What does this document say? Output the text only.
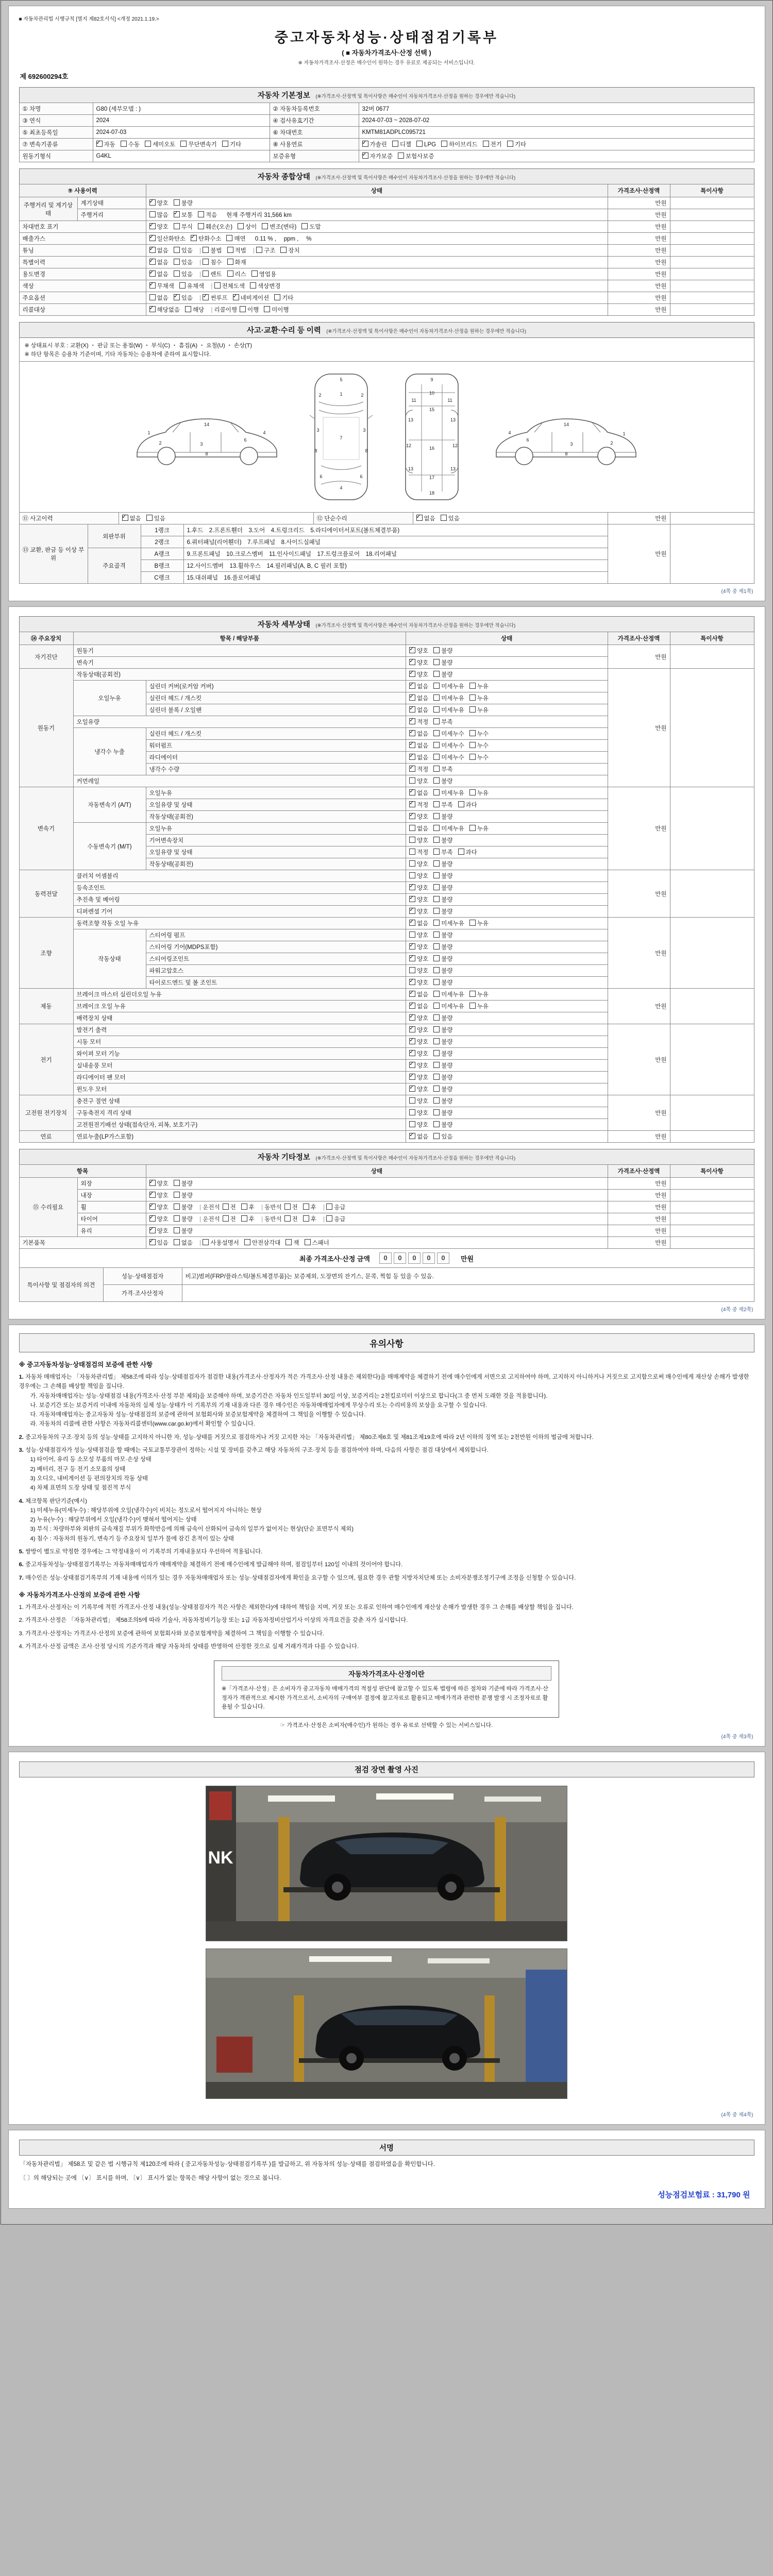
■ 자동차관리법 시행규칙 [별지 제82호서식] <개정 2021.1.19.>
중고자동차성능·상태점검기록부
( ■ 자동차가격조사·산정 선택 )
※ 자동차가격조사·산정은 매수인이 원하는 경우 유료로 제공되는 서비스입니다.
제 692600294호
자동차 기본정보 (※가격조사·산정액 및 특이사항은 매수인이 자동차가격조사·산정을 원하는 경우에만 적습니다)
① 차명	G80 (세부모델 : )	② 자동차등록번호	32버 0677
③ 연식	2024	④ 검사유효기간	2024-07-03 ~ 2028-07-02
⑤ 최초등록일	2024-07-03	⑥ 차대번호	KMTM81ADPLC095721
⑦ 변속기종류	✓자동 수동 세미오토 무단변속기 기타	⑧ 사용연료	✓가솔린 디젤 LPG 하이브리드 전기 기타
원동기형식	G4KL	보증유형	✓자가보증 보험사보증
자동차 종합상태 (※가격조사·산정액 및 특이사항은 매수인이 자동차가격조사·산정을 원하는 경우에만 적습니다)
⑨ 사용이력		상태	가격조사·산정액	특이사항
주행거리 및 계기상태	계기상태	✓양호 불량	만원	
	주행거리	많음 ✓ 보통 적음 현재 주행거리 31,566 km	만원	
차대번호 표기	✓양호 부식 훼손(오손) 상이 변조(변타) 도말	만원	
배출가스	✓일산화탄소 ✓ 탄화수소 매연 0.11 % ,　 ppm ,　 %	만원	
튜닝	✓없음 있음 | 불법 적법 | 구조 장치	만원	
특별이력	✓없음 있음 | 침수 화재	만원	
용도변경	✓없음 있음 | 렌트 리스 영업용	만원	
색상	✓무채색 유채색 | 전체도색 색상변경	만원	
주요옵션		없음 ✓ 있음 | ✓썬루프 ✓ 네비게이션 기타	만원	
리콜대상	✓해당없음 해당 | 리콜이행 이행 미이행	만원	
사고·교환·수리 등 이력 (※가격조사·산정액 및 특이사항은 매수인이 자동차가격조사·산정을 원하는 경우에만 적습니다)
※ 상태표시 부호 : 교환(X) ・ 판금 또는 용접(W) ・ 부식(C) ・ 흠집(A) ・ 요철(U) ・ 손상(T)
※ 하단 항목은 승용차 기준이며, 기타 자동차는 승용차에 준하여 표시합니다.
1
2	3
14
6
4
8
5
1
2	2
3	3
7
8	8
6	6
4
9
10
11	11
15
13	13
12	12
16
13	13
17
18
4
6
3
14
2
1
8
⑪ 사고이력	✓없음 있음	⑫ 단순수리	✓없음 있음	만원	
⑬ 교환, 판금 등 이상 부위	외판부위	1랭크	1.후드　2.프론트휀더　3.도어　4.트렁크리드　5.라디에이터서포트(볼트체결부품)	만원	
		2랭크	6.쿼터패널(리어휀더)　7.루프패널　8.사이드실패널		
	주요골격	A랭크	9.프론트패널　10.크로스멤버　11.인사이드패널　17.트렁크플로어　18.리어패널		
		B랭크	12.사이드멤버　13.휠하우스　14.필러패널(A, B, C 필러 포함)		
		C랭크	15.대쉬패널　16.플로어패널		
(4쪽 중 제1쪽)
자동차 세부상태 (※가격조사·산정액 및 특이사항은 매수인이 자동차가격조사·산정을 원하는 경우에만 적습니다)
⑭ 주요장치	항목 / 해당부품		상태	가격조사·산정액	특이사항
자기진단	원동기	✓양호 불량	만원	
	변속기	✓양호 불량
원동기	작동상태(공회전)	✓양호 불량	만원	
	오일누유	실린더 커버(로커암 커버)	✓없음 미세누유 누유
		실린더 헤드 / 개스킷	✓없음 미세누유 누유
		실린더 블록 / 오일팬	✓없음 미세누유 누유
	오일유량	✓적정 부족
	냉각수 누출	실린더 헤드 / 개스킷	✓없음 미세누수 누수
		워터펌프	✓없음 미세누수 누수
		라디에이터	✓없음 미세누수 누수
		냉각수 수량	✓적정 부족
	커먼레일		양호 불량		
변속기	자동변속기 (A/T)	오일누유	✓없음 미세누유 누유	만원	
		오일유량 및 상태	✓적정 부족 과다
		작동상태(공회전)	✓양호 불량
	수동변속기 (M/T)	오일누유	없음 미세누유 누유		
		기어변속장치	양호 불량		
		오일유량 및 상태	적정 부족 과다		
		작동상태(공회전)	양호 불량		
동력전달	클러치 어셈블리		양호 불량	만원	
	등속조인트	✓양호 불량
	추진축 및 베어링	✓양호 불량
	디퍼렌셜 기어	✓양호 불량
조향	동력조향 작동 오일 누유	✓없음 미세누유 누유	만원	
	작동상태	스티어링 펌프	양호 불량		
		스티어링 기어(MDPS포함)	✓양호 불량
		스티어링조인트	✓양호 불량
		파워고압호스	양호 불량		
		타이로드엔드 및 볼 조인트	✓양호 불량
제동	브레이크 마스터 실린더오일 누유	✓없음 미세누유 누유	만원	
	브레이크 오일 누유	✓없음 미세누유 누유
	배력장치 상태	✓양호 불량
전기	발전기 출력	✓양호 불량	만원	
	시동 모터	✓양호 불량
	와이퍼 모터 기능	✓양호 불량
	실내송풍 모터	✓양호 불량
	라디에이터 팬 모터	✓양호 불량
	윈도우 모터	✓양호 불량
고전원 전기장치	충전구 절연 상태		양호 불량	만원	
	구동축전지 격리 상태		양호 불량		
	고전원전기배선 상태(접속단자, 피복, 보호기구)		양호 불량		
연료	연료누출(LP가스포함)	✓없음 있음	만원	
자동차 기타정보 (※가격조사·산정액 및 특이사항은 매수인이 자동차가격조사·산정을 원하는 경우에만 적습니다)
항목		상태	가격조사·산정액	특이사항
⑮ 수리필요	외장	✓양호 불량	만원	
	내장	✓양호 불량	만원	
	휠	✓양호 불량 | 운전석 전 후 | 동반석 전 후 | 응급	만원	
	타이어	✓양호 불량 | 운전석 전 후 | 동반석 전 후 | 응급	만원	
	유리	✓양호 불량	만원	
기본품목	✓있음 없음 | 사용설명서 안전삼각대 잭 스패너	만원	
최종 가격조사·산정 금액	0 0 0 0 0	만원
특이사항 및 점검자의 의견	성능·상태점검자	비고)범퍼(FRP/플라스틱/볼트체결부품)는 보증제외, 도장면의 잔기스, 문콕, 찍힘 등 있을 수 있음.
	가격·조사산정자	
(4쪽 중 제2쪽)
유의사항
※ 중고자동차성능·상태점검의 보증에 관한 사항
1. 자동차 매매업자는 「자동차관리법」 제58조에 따라 성능·상태점검자가 점검한 내용(가격조사·산정자가 적은 가격조사·산정 내용은 제외한다)을 매매계약을 체결하기 전에 매수인에게 서면으로 고지하여야 하며, 고지하지 아니하거나 거짓으로 고지함으로써 매수인에게 재산상 손해가 발생한 경우에는 그 손해를 배상할 책임을 집니다.
가. 자동차매매업자는 성능·상태점검 내용(가격조사·산정 부분 제외)을 보증해야 하며, 보증기간은 자동차 인도일부터 30일 이상, 보증거리는 2천킬로미터 이상으로 합니다(그 중 먼저 도래한 것을 적용합니다).
나. 보증기간 또는 보증거리 이내에 자동차의 실제 성능·상태가 이 기록부의 기재 내용과 다른 경우 매수인은 자동차매매업자에게 무상수리 또는 수리비용의 보상을 요구할 수 있습니다.
다. 자동차매매업자는 중고자동차 성능·상태점검의 보증에 관하여 보험회사와 보증보험계약을 체결하여 그 책임을 이행할 수 있습니다.
라. 자동차의 리콜에 관한 사항은 자동차리콜센터(www.car.go.kr)에서 확인할 수 있습니다.
2. 중고자동차의 구조·장치 등의 성능·상태를 고지하지 아니한 자, 성능·상태를 거짓으로 점검하거나 거짓 고지한 자는 「자동차관리법」 제80조제6호 및 제81조제19호에 따라 2년 이하의 징역 또는 2천만원 이하의 벌금에 처합니다.
3. 성능·상태점검자가 성능·상태점검을 할 때에는 국토교통부장관이 정하는 시설 및 장비를 갖추고 해당 자동차의 구조·장치 등을 점검하여야 하며, 다음의 사항은 점검 대상에서 제외합니다.
1) 타이어, 유리 등 소모성 부품의 마모·손상 상태
2) 배터리, 전구 등 전기 소모품의 상태
3) 오디오, 내비게이션 등 편의장치의 작동 상태
4) 차체 표면의 도장 상태 및 점진적 부식
4. 체크항목 판단기준(예시)
1) 미세누유(미세누수) : 해당부위에 오일(냉각수)이 비치는 정도로서 떨어지지 아니하는 현상
2) 누유(누수) : 해당부위에서 오일(냉각수)이 맺혀서 떨어지는 상태
3) 부식 : 차량하부와 외판의 금속재질 부위가 화학반응에 의해 금속이 산화되어 금속의 일부가 없어지는 현상(단순 표면부식 제외)
4) 침수 : 자동차의 원동기, 변속기 등 주요장치 일부가 물에 잠긴 흔적이 있는 상태
5. 쌍방이 별도로 약정한 경우에는 그 약정내용이 이 기록부의 기재내용보다 우선하여 적용됩니다.
6. 중고자동차성능·상태점검기록부는 자동차매매업자가 매매계약을 체결하기 전에 매수인에게 발급해야 하며, 점검일부터 120일 이내의 것이어야 합니다.
7. 매수인은 성능·상태점검기록부의 기재 내용에 이의가 있는 경우 자동차매매업자 또는 성능·상태점검자에게 확인을 요구할 수 있으며, 필요한 경우 관할 지방자치단체 또는 소비자분쟁조정기구에 조정을 신청할 수 있습니다.
※ 자동차가격조사·산정의 보증에 관한 사항
1. 가격조사·산정자는 이 기록부에 적힌 가격조사·산정 내용(성능·상태점검자가 적은 사항은 제외한다)에 대하여 책임을 지며, 거짓 또는 오류로 인하여 매수인에게 재산상 손해가 발생한 경우 그 손해를 배상할 책임을 집니다.
2. 가격조사·산정은 「자동차관리법」 제58조의5에 따라 기술사, 자동차정비기능장 또는 1급 자동차정비산업기사 이상의 자격요건을 갖춘 자가 실시합니다.
3. 가격조사·산정자는 가격조사·산정의 보증에 관하여 보험회사와 보증보험계약을 체결하여 그 책임을 이행할 수 있습니다.
4. 가격조사·산정 금액은 조사·산정 당시의 기준가격과 해당 자동차의 상태를 반영하여 산정한 것으로 실제 거래가격과 다를 수 있습니다.
자동차가격조사·산정이란
※「가격조사·산정」은 소비자가 중고자동차 매매가격의 적절성 판단에 참고할 수 있도록 법령에 따른 절차와 기준에 따라 가격조사·산정자가 객관적으로 제시한 가격으로서, 소비자의 구매여부 결정에 참고자료로 활용되고 매매가격과 관련한 분쟁 발생 시 조정자료로 활용될 수 있습니다.
☞ 가격조사·산정은 소비자(매수인)가 원하는 경우 유료로 선택할 수 있는 서비스입니다.
(4쪽 중 제3쪽)
점검 장면 촬영 사진
NK
(4쪽 중 제4쪽)
서명
「자동차관리법」 제58조 및 같은 법 시행규칙 제120조에 따라 ( 중고자동차성능·상태점검기록부 )를 발급하고, 위 자동차의 성능·상태를 점검하였음을 확인합니다.
〔 〕의 해당되는 곳에 〔∨〕 표시를 하며, 〔∨〕 표시가 없는 항목은 해당 사항이 없는 것으로 봅니다.
성능점검보험료 : 31,790 원
